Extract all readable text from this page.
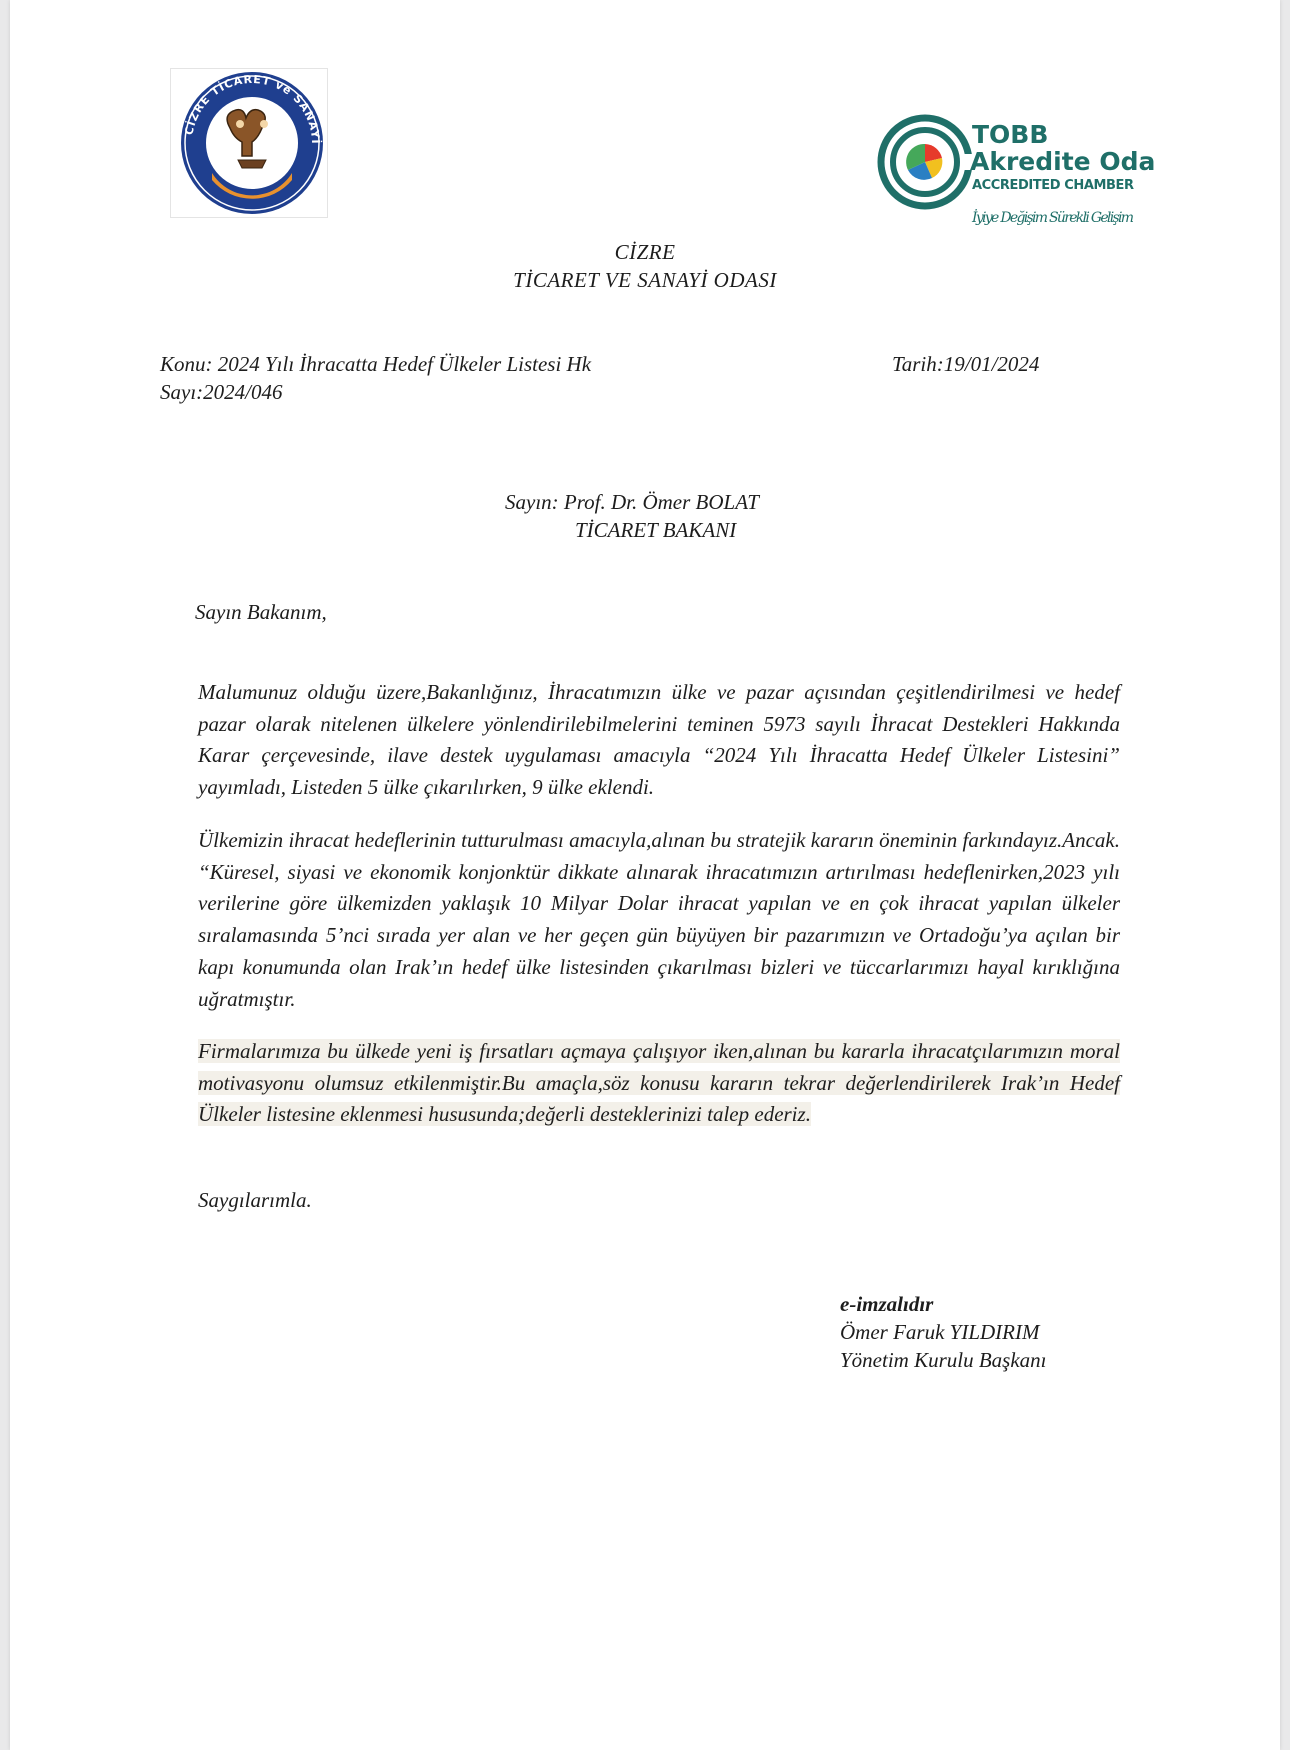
CİZRE TİCARET ve SANAYİ
1998
TOBB
Akredite Oda
ACCREDITED CHAMBER
İyiye Değişim Sürekli Gelişim
CİZRE
TİCARET VE SANAYİ ODASI
Konu: 2024 Yılı İhracatta Hedef Ülkeler Listesi Hk
Sayı:2024/046
Tarih:19/01/2024
Sayın: Prof. Dr. Ömer BOLAT
TİCARET BAKANI
Sayın Bakanım,

Malumunuz olduğu üzere,Bakanlığınız, İhracatımızın ülke ve pazar açısından çeşitlendirilmesi ve hedef pazar olarak nitelenen ülkelere yönlendirilebilmelerini teminen 5973 sayılı İhracat Destekleri Hakkında Karar çerçevesinde, ilave destek uygulaması amacıyla “2024 Yılı İhracatta Hedef Ülkeler Listesini” yayımladı, Listeden 5 ülke çıkarılırken, 9 ülke eklendi.

Ülkemizin ihracat hedeflerinin tutturulması amacıyla,alınan bu stratejik kararın öneminin farkındayız.Ancak. “Küresel, siyasi ve ekonomik konjonktür dikkate alınarak ihracatımızın artırılması hedeflenirken,2023 yılı verilerine göre ülkemizden yaklaşık 10 Milyar Dolar ihracat yapılan ve en çok ihracat yapılan ülkeler sıralamasında 5’nci sırada yer alan ve her geçen gün büyüyen bir pazarımızın ve Ortadoğu’ya açılan bir kapı konumunda olan Irak’ın hedef ülke listesinden çıkarılması bizleri ve tüccarlarımızı hayal kırıklığına uğratmıştır.

Firmalarımıza bu ülkede yeni iş fırsatları açmaya çalışıyor iken,alınan bu kararla ihracatçılarımızın moral motivasyonu olumsuz etkilenmiştir.Bu amaçla,söz konusu kararın tekrar değerlendirilerek Irak’ın Hedef Ülkeler listesine eklenmesi hususunda;değerli desteklerinizi talep ederiz.

Saygılarımla.
e-imzalıdır
Ömer Faruk YILDIRIM
Yönetim Kurulu Başkanı
